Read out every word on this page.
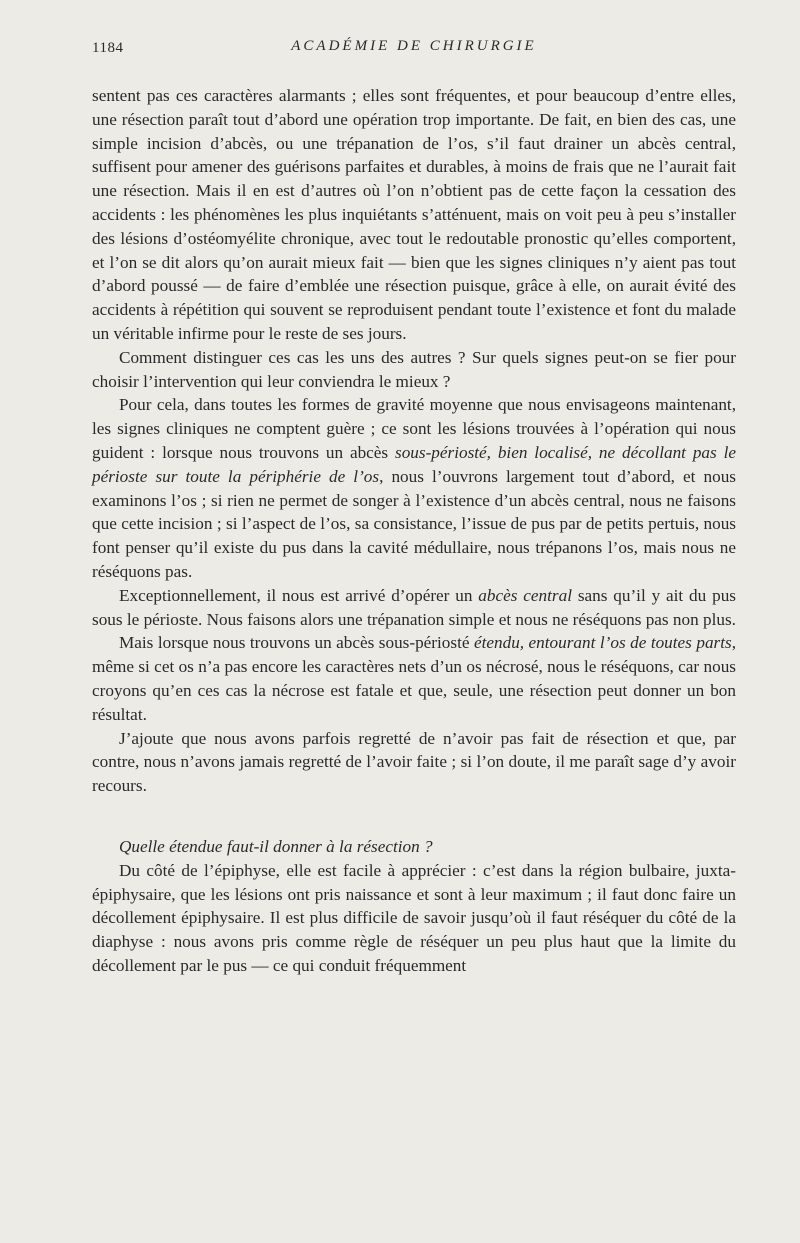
1184	ACADÉMIE DE CHIRURGIE

sentent pas ces caractères alarmants ; elles sont fréquentes, et pour beaucoup d’entre elles, une résection paraît tout d’abord une opération trop importante. De fait, en bien des cas, une simple incision d’abcès, ou une trépanation de l’os, s’il faut drainer un abcès central, suffisent pour amener des guérisons parfaites et durables, à moins de frais que ne l’aurait fait une résection. Mais il en est d’autres où l’on n’obtient pas de cette façon la cessation des accidents : les phénomènes les plus inquiétants s’atténuent, mais on voit peu à peu s’installer des lésions d’ostéomyélite chronique, avec tout le redoutable pronostic qu’elles comportent, et l’on se dit alors qu’on aurait mieux fait — bien que les signes cliniques n’y aient pas tout d’abord poussé — de faire d’emblée une résection puisque, grâce à elle, on aurait évité des accidents à répétition qui souvent se reproduisent pendant toute l’existence et font du malade un véritable infirme pour le reste de ses jours.

Comment distinguer ces cas les uns des autres ? Sur quels signes peut-on se fier pour choisir l’intervention qui leur conviendra le mieux ?

Pour cela, dans toutes les formes de gravité moyenne que nous envisageons maintenant, les signes cliniques ne comptent guère ; ce sont les lésions trouvées à l’opération qui nous guident : lorsque nous trouvons un abcès sous-périosté, bien localisé, ne décollant pas le périoste sur toute la périphérie de l’os, nous l’ouvrons largement tout d’abord, et nous examinons l’os ; si rien ne permet de songer à l’existence d’un abcès central, nous ne faisons que cette incision ; si l’aspect de l’os, sa consistance, l’issue de pus par de petits pertuis, nous font penser qu’il existe du pus dans la cavité médullaire, nous trépanons l’os, mais nous ne réséquons pas.

Exceptionnellement, il nous est arrivé d’opérer un abcès central sans qu’il y ait du pus sous le périoste. Nous faisons alors une trépanation simple et nous ne réséquons pas non plus.

Mais lorsque nous trouvons un abcès sous-périosté étendu, entourant l’os de toutes parts, même si cet os n’a pas encore les caractères nets d’un os nécrosé, nous le réséquons, car nous croyons qu’en ces cas la nécrose est fatale et que, seule, une résection peut donner un bon résultat.

J’ajoute que nous avons parfois regretté de n’avoir pas fait de résection et que, par contre, nous n’avons jamais regretté de l’avoir faite ; si l’on doute, il me paraît sage d’y avoir recours.

Quelle étendue faut-il donner à la résection ?

Du côté de l’épiphyse, elle est facile à apprécier : c’est dans la région bulbaire, juxta-épiphysaire, que les lésions ont pris naissance et sont à leur maximum ; il faut donc faire un décollement épiphysaire. Il est plus difficile de savoir jusqu’où il faut réséquer du côté de la diaphyse : nous avons pris comme règle de réséquer un peu plus haut que la limite du décollement par le pus — ce qui conduit fréquemment
